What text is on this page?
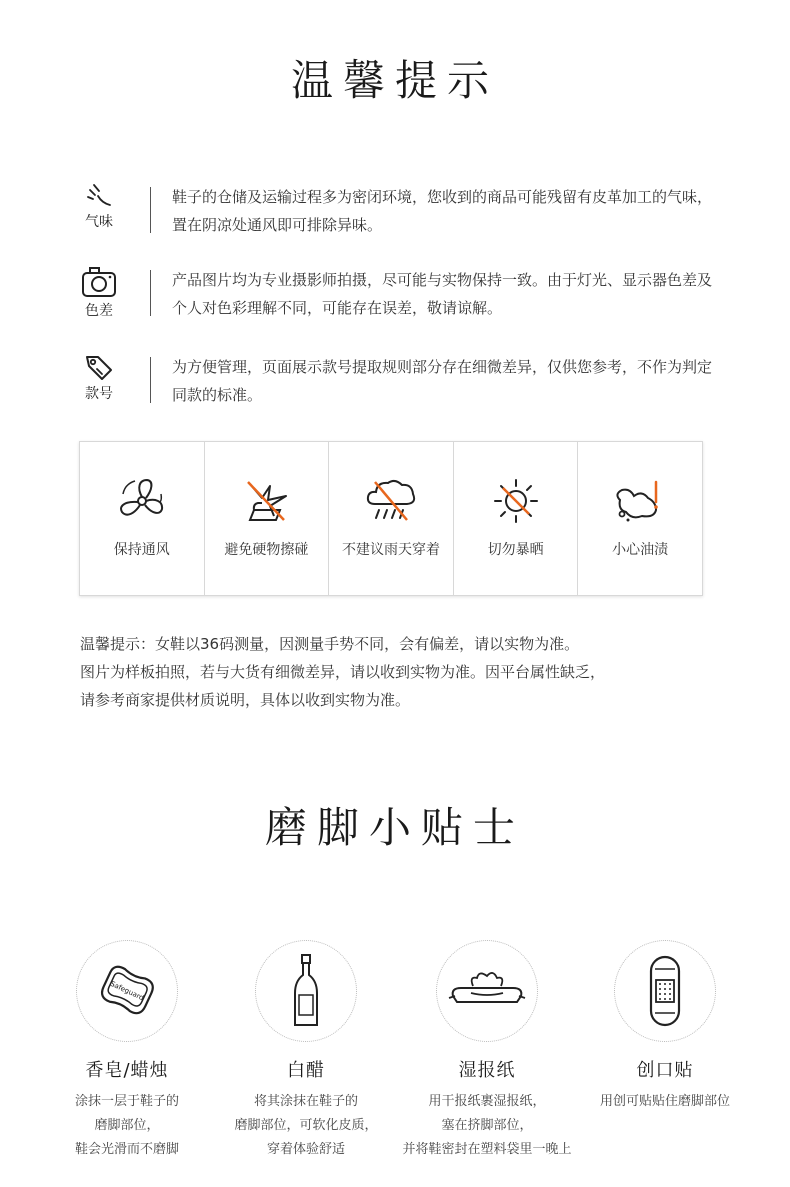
温馨提示
气味
鞋子的仓储及运输过程多为密闭环境，您收到的商品可能残留有皮革加工的气味，置在阴凉处通风即可排除异味。
色差
产品图片均为专业摄影师拍摄，尽可能与实物保持一致。由于灯光、显示器色差及个人对色彩理解不同，可能存在误差，敬请谅解。
款号
为方便管理，页面展示款号提取规则部分存在细微差异，仅供您参考，不作为判定同款的标准。
保持通风	避免硬物擦碰	不建议雨天穿着	切勿暴晒	小心油渍

温馨提示：女鞋以36码测量，因测量手势不同，会有偏差，请以实物为准。

图片为样板拍照，若与大货有细微差异，请以收到实物为准。因平台属性缺乏，

请参考商家提供材质说明，具体以收到实物为准。

磨脚小贴士
Safeguard
香皂/蜡烛
涂抹一层于鞋子的
磨脚部位，
鞋会光滑而不磨脚
白醋
将其涂抹在鞋子的
磨脚部位，可软化皮质，
穿着体验舒适
湿报纸
用干报纸裹湿报纸，
塞在挤脚部位，
并将鞋密封在塑料袋里一晚上
创口贴
用创可贴贴住磨脚部位
